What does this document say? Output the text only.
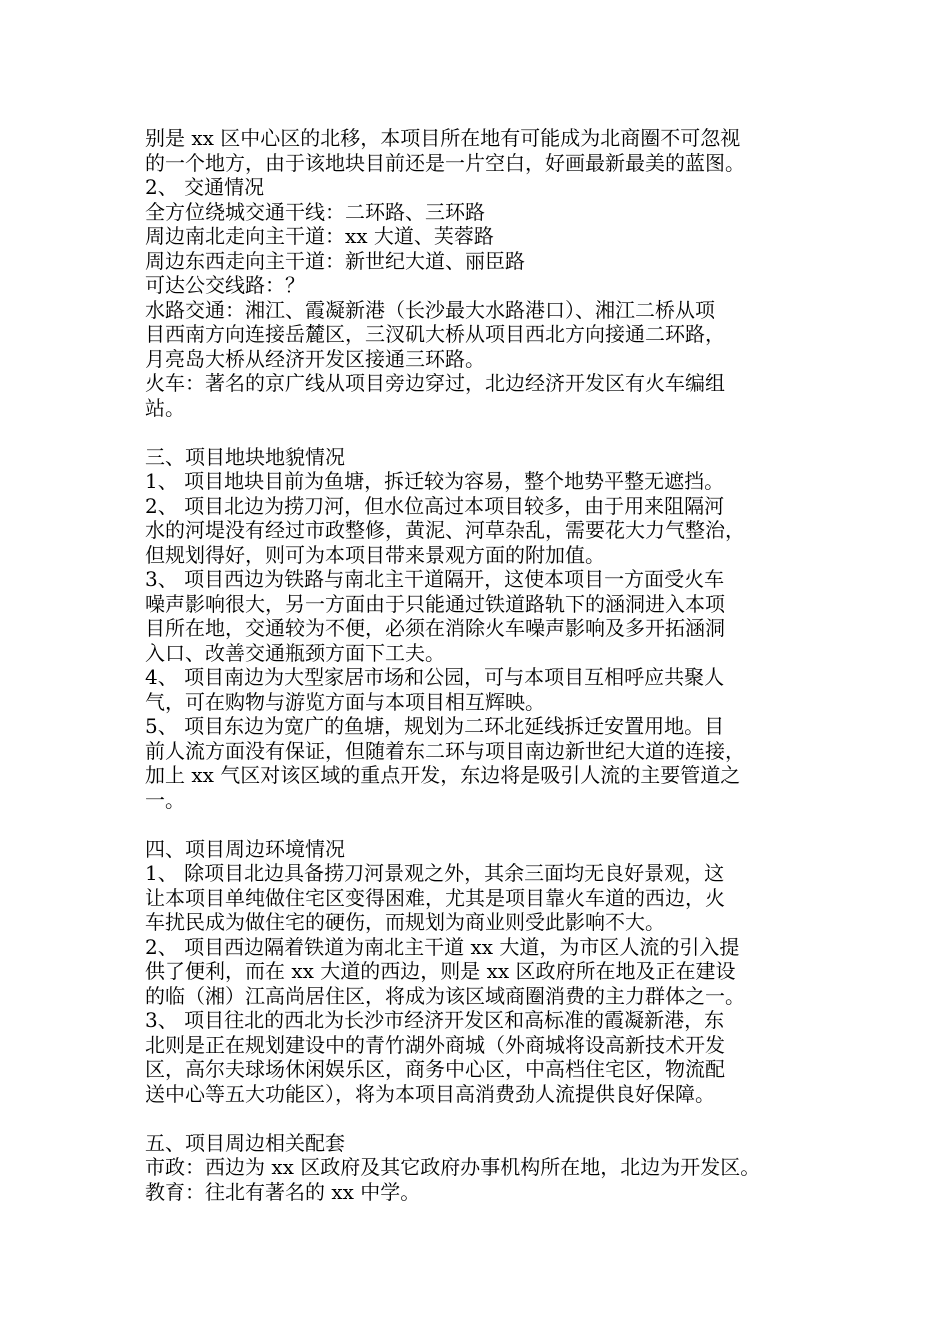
别是 xx 区中心区的北移，本项目所在地有可能成为北商圈不可忽视
的一个地方，由于该地块目前还是一片空白，好画最新最美的蓝图。
2、 交通情况
全方位绕城交通干线：二环路、三环路
周边南北走向主干道：xx 大道、芙蓉路
周边东西走向主干道：新世纪大道、丽臣路
可达公交线路：？
水路交通：湘江、霞凝新港（长沙最大水路港口）、湘江二桥从项
目西南方向连接岳麓区，三汊矶大桥从项目西北方向接通二环路，
月亮岛大桥从经济开发区接通三环路。
火车：著名的京广线从项目旁边穿过，北边经济开发区有火车编组
站。
三、项目地块地貌情况
1、 项目地块目前为鱼塘，拆迁较为容易，整个地势平整无遮挡。
2、 项目北边为捞刀河，但水位高过本项目较多，由于用来阻隔河
水的河堤没有经过市政整修，黄泥、河草杂乱，需要花大力气整治，
但规划得好，则可为本项目带来景观方面的附加值。
3、 项目西边为铁路与南北主干道隔开，这使本项目一方面受火车
噪声影响很大，另一方面由于只能通过铁道路轨下的涵洞进入本项
目所在地，交通较为不便，必须在消除火车噪声影响及多开拓涵洞
入口、改善交通瓶颈方面下工夫。
4、 项目南边为大型家居市场和公园，可与本项目互相呼应共聚人
气，可在购物与游览方面与本项目相互辉映。
5、 项目东边为宽广的鱼塘，规划为二环北延线拆迁安置用地。目
前人流方面没有保证，但随着东二环与项目南边新世纪大道的连接，
加上 xx 气区对该区域的重点开发，东边将是吸引人流的主要管道之
一。
四、项目周边环境情况
1、 除项目北边具备捞刀河景观之外，其余三面均无良好景观，这
让本项目单纯做住宅区变得困难，尤其是项目靠火车道的西边，火
车扰民成为做住宅的硬伤，而规划为商业则受此影响不大。
2、 项目西边隔着铁道为南北主干道 xx 大道，为市区人流的引入提
供了便利，而在 xx 大道的西边，则是 xx 区政府所在地及正在建设
的临（湘）江高尚居住区，将成为该区域商圈消费的主力群体之一。
3、 项目往北的西北为长沙市经济开发区和高标准的霞凝新港，东
北则是正在规划建设中的青竹湖外商城（外商城将设高新技术开发
区，高尔夫球场休闲娱乐区，商务中心区，中高档住宅区，物流配
送中心等五大功能区），将为本项目高消费劲人流提供良好保障。
五、项目周边相关配套
市政：西边为 xx 区政府及其它政府办事机构所在地，北边为开发区。
教育：往北有著名的 xx 中学。
